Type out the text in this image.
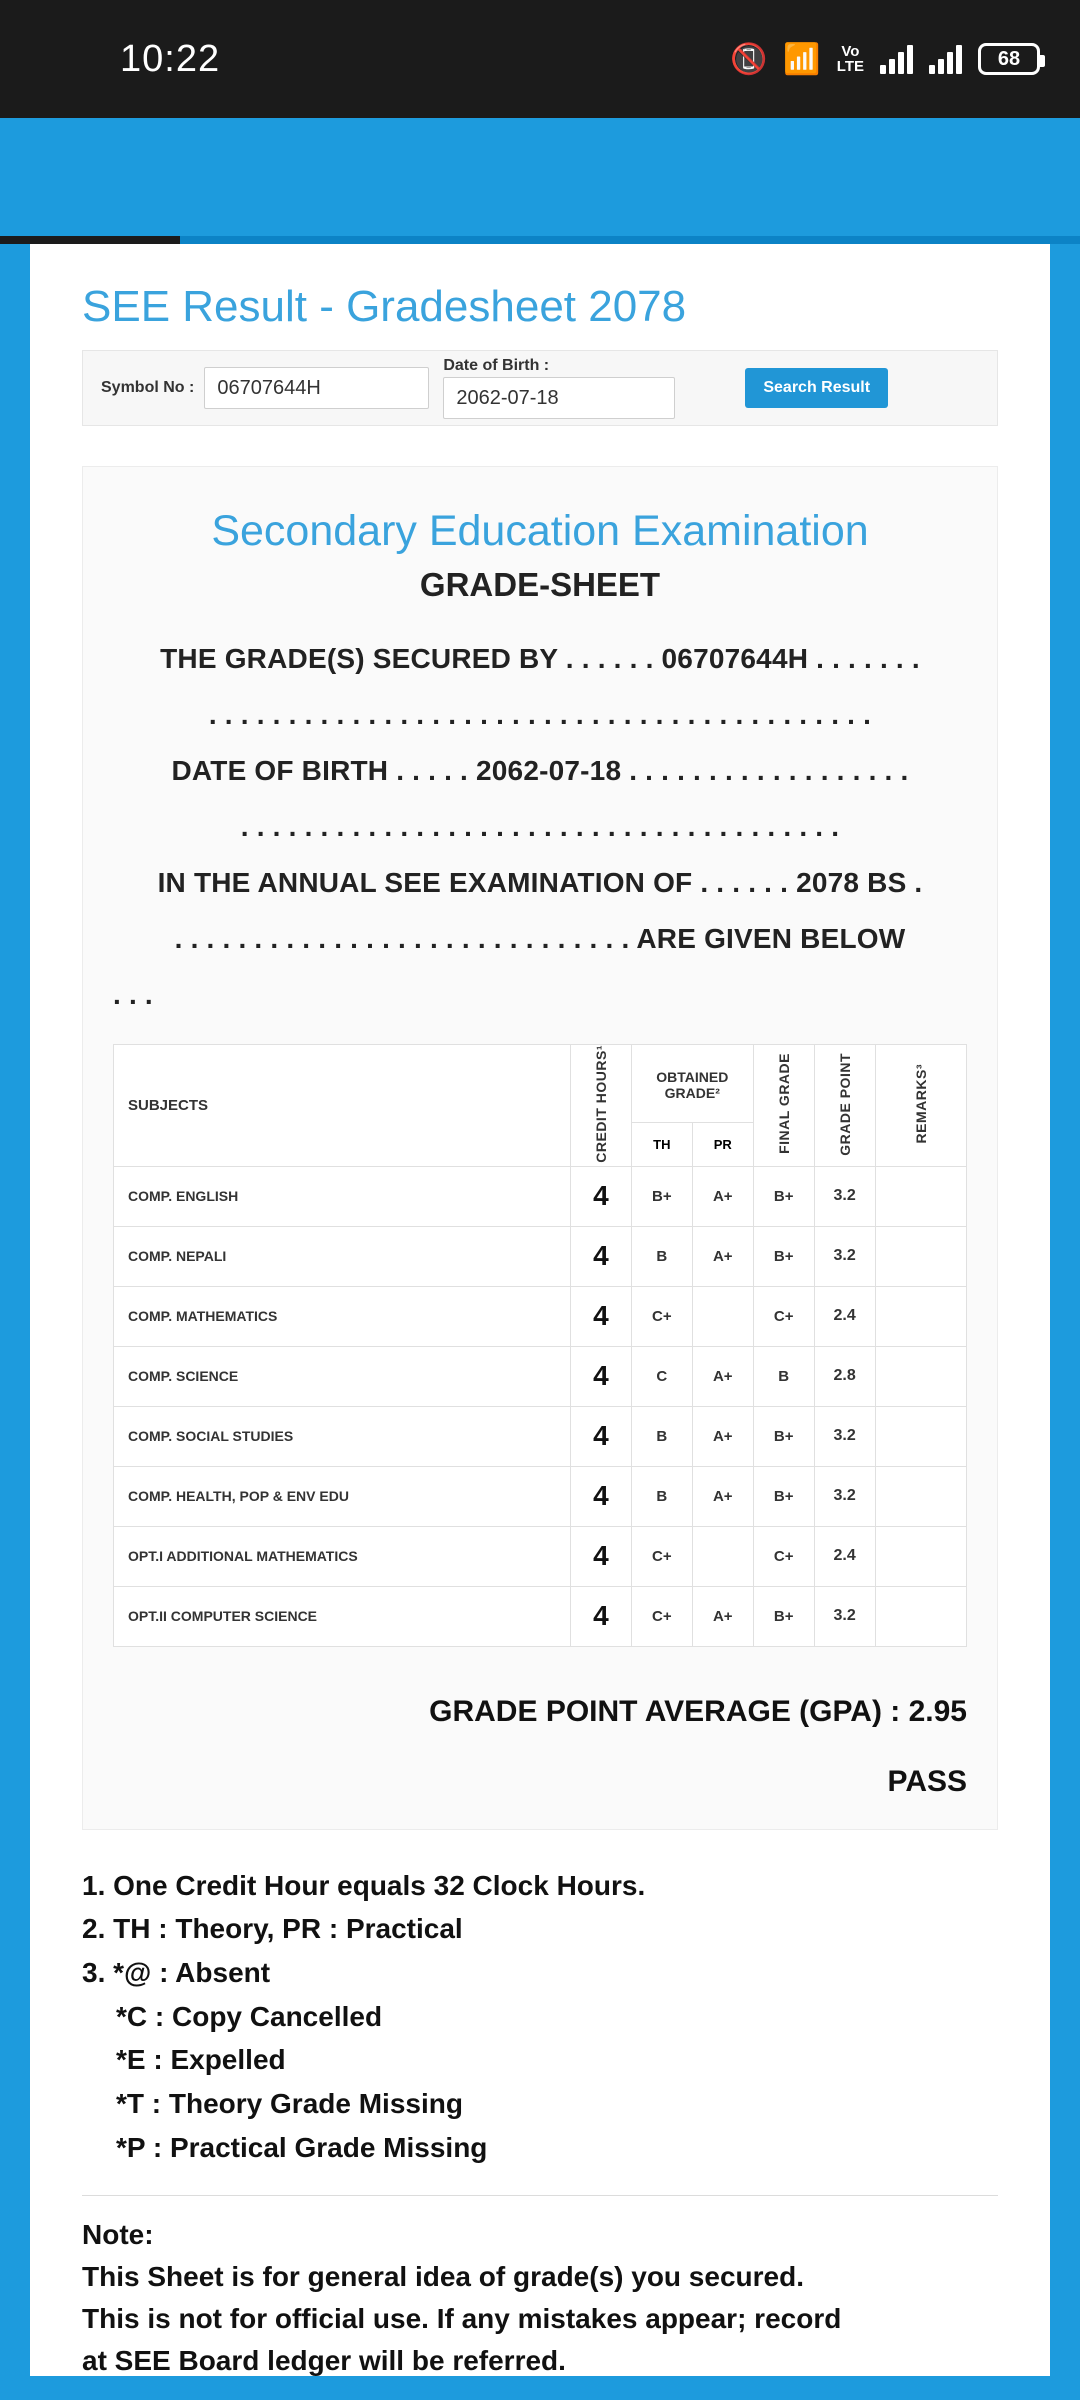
10:22	📵 📶	Vo
LTE	68
SEE Result - Gradesheet 2078
Symbol No :
06707644H
Date of Birth :
2062-07-18
Search Result
Secondary Education Examination
GRADE-SHEET
THE GRADE(S) SECURED BY . . . . . . 06707644H . . . . . . .
. . . . . . . . . . . . . . . . . . . . . . . . . . . . . . . . . . . . . . . . . .
DATE OF BIRTH . . . . . 2062-07-18 . . . . . . . . . . . . . . . . . .
. . . . . . . . . . . . . . . . . . . . . . . . . . . . . . . . . . . . . .
IN THE ANNUAL SEE EXAMINATION OF . . . . . . 2078 BS .
. . . . . . . . . . . . . . . . . . . . . . . . . . . . . ARE GIVEN BELOW
. . .
SUBJECTS	CREDIT HOURS¹	OBTAINED GRADE²		FINAL GRADE	GRADE POINT	REMARKS³
		TH	PR			
COMP. ENGLISH	4	B+	A+	B+	3.2	
COMP. NEPALI	4	B	A+	B+	3.2	
COMP. MATHEMATICS	4	C+		C+	2.4	
COMP. SCIENCE	4	C	A+	B	2.8	
COMP. SOCIAL STUDIES	4	B	A+	B+	3.2	
COMP. HEALTH, POP & ENV EDU	4	B	A+	B+	3.2	
OPT.I ADDITIONAL MATHEMATICS	4	C+		C+	2.4	
OPT.II COMPUTER SCIENCE	4	C+	A+	B+	3.2	
GRADE POINT AVERAGE (GPA) : 2.95
PASS
1. One Credit Hour equals 32 Clock Hours.
2. TH : Theory, PR : Practical
3. *@ : Absent
*C : Copy Cancelled
*E : Expelled
*T : Theory Grade Missing
*P : Practical Grade Missing
Note:
This Sheet is for general idea of grade(s) you secured.
This is not for official use. If any mistakes appear; record
at SEE Board ledger will be referred.
